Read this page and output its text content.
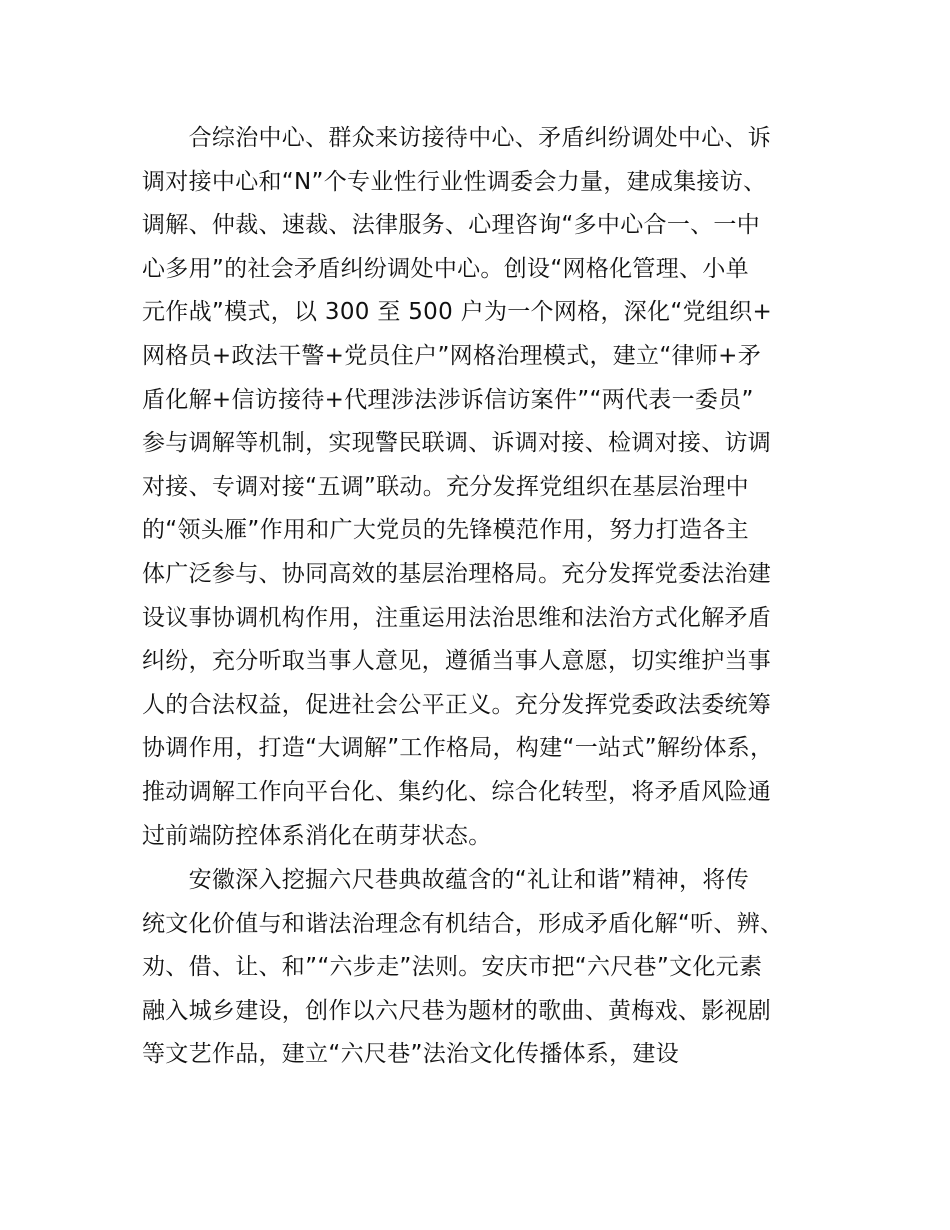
　　合综治中心、群众来访接待中心、矛盾纠纷调处中心、诉
调对接中心和“N”个专业性行业性调委会力量，建成集接访、
调解、仲裁、速裁、法律服务、心理咨询“多中心合一、一中
心多用”的社会矛盾纠纷调处中心。创设“网格化管理、小单
元作战”模式，以 300 至 500 户为一个网格，深化“党组织+
网格员+政法干警+党员住户”网格治理模式，建立“律师+矛
盾化解+信访接待+代理涉法涉诉信访案件”“两代表一委员”
参与调解等机制，实现警民联调、诉调对接、检调对接、访调
对接、专调对接“五调”联动。充分发挥党组织在基层治理中
的“领头雁”作用和广大党员的先锋模范作用，努力打造各主
体广泛参与、协同高效的基层治理格局。充分发挥党委法治建
设议事协调机构作用，注重运用法治思维和法治方式化解矛盾
纠纷，充分听取当事人意见，遵循当事人意愿，切实维护当事
人的合法权益，促进社会公平正义。充分发挥党委政法委统筹
协调作用，打造“大调解”工作格局，构建“一站式”解纷体系，
推动调解工作向平台化、集约化、综合化转型，将矛盾风险通
过前端防控体系消化在萌芽状态。
　　安徽深入挖掘六尺巷典故蕴含的“礼让和谐”精神，将传
统文化价值与和谐法治理念有机结合，形成矛盾化解“听、辨、
劝、借、让、和”“六步走”法则。安庆市把“六尺巷”文化元素
融入城乡建设，创作以六尺巷为题材的歌曲、黄梅戏、影视剧
等文艺作品，建立“六尺巷”法治文化传播体系，建设
